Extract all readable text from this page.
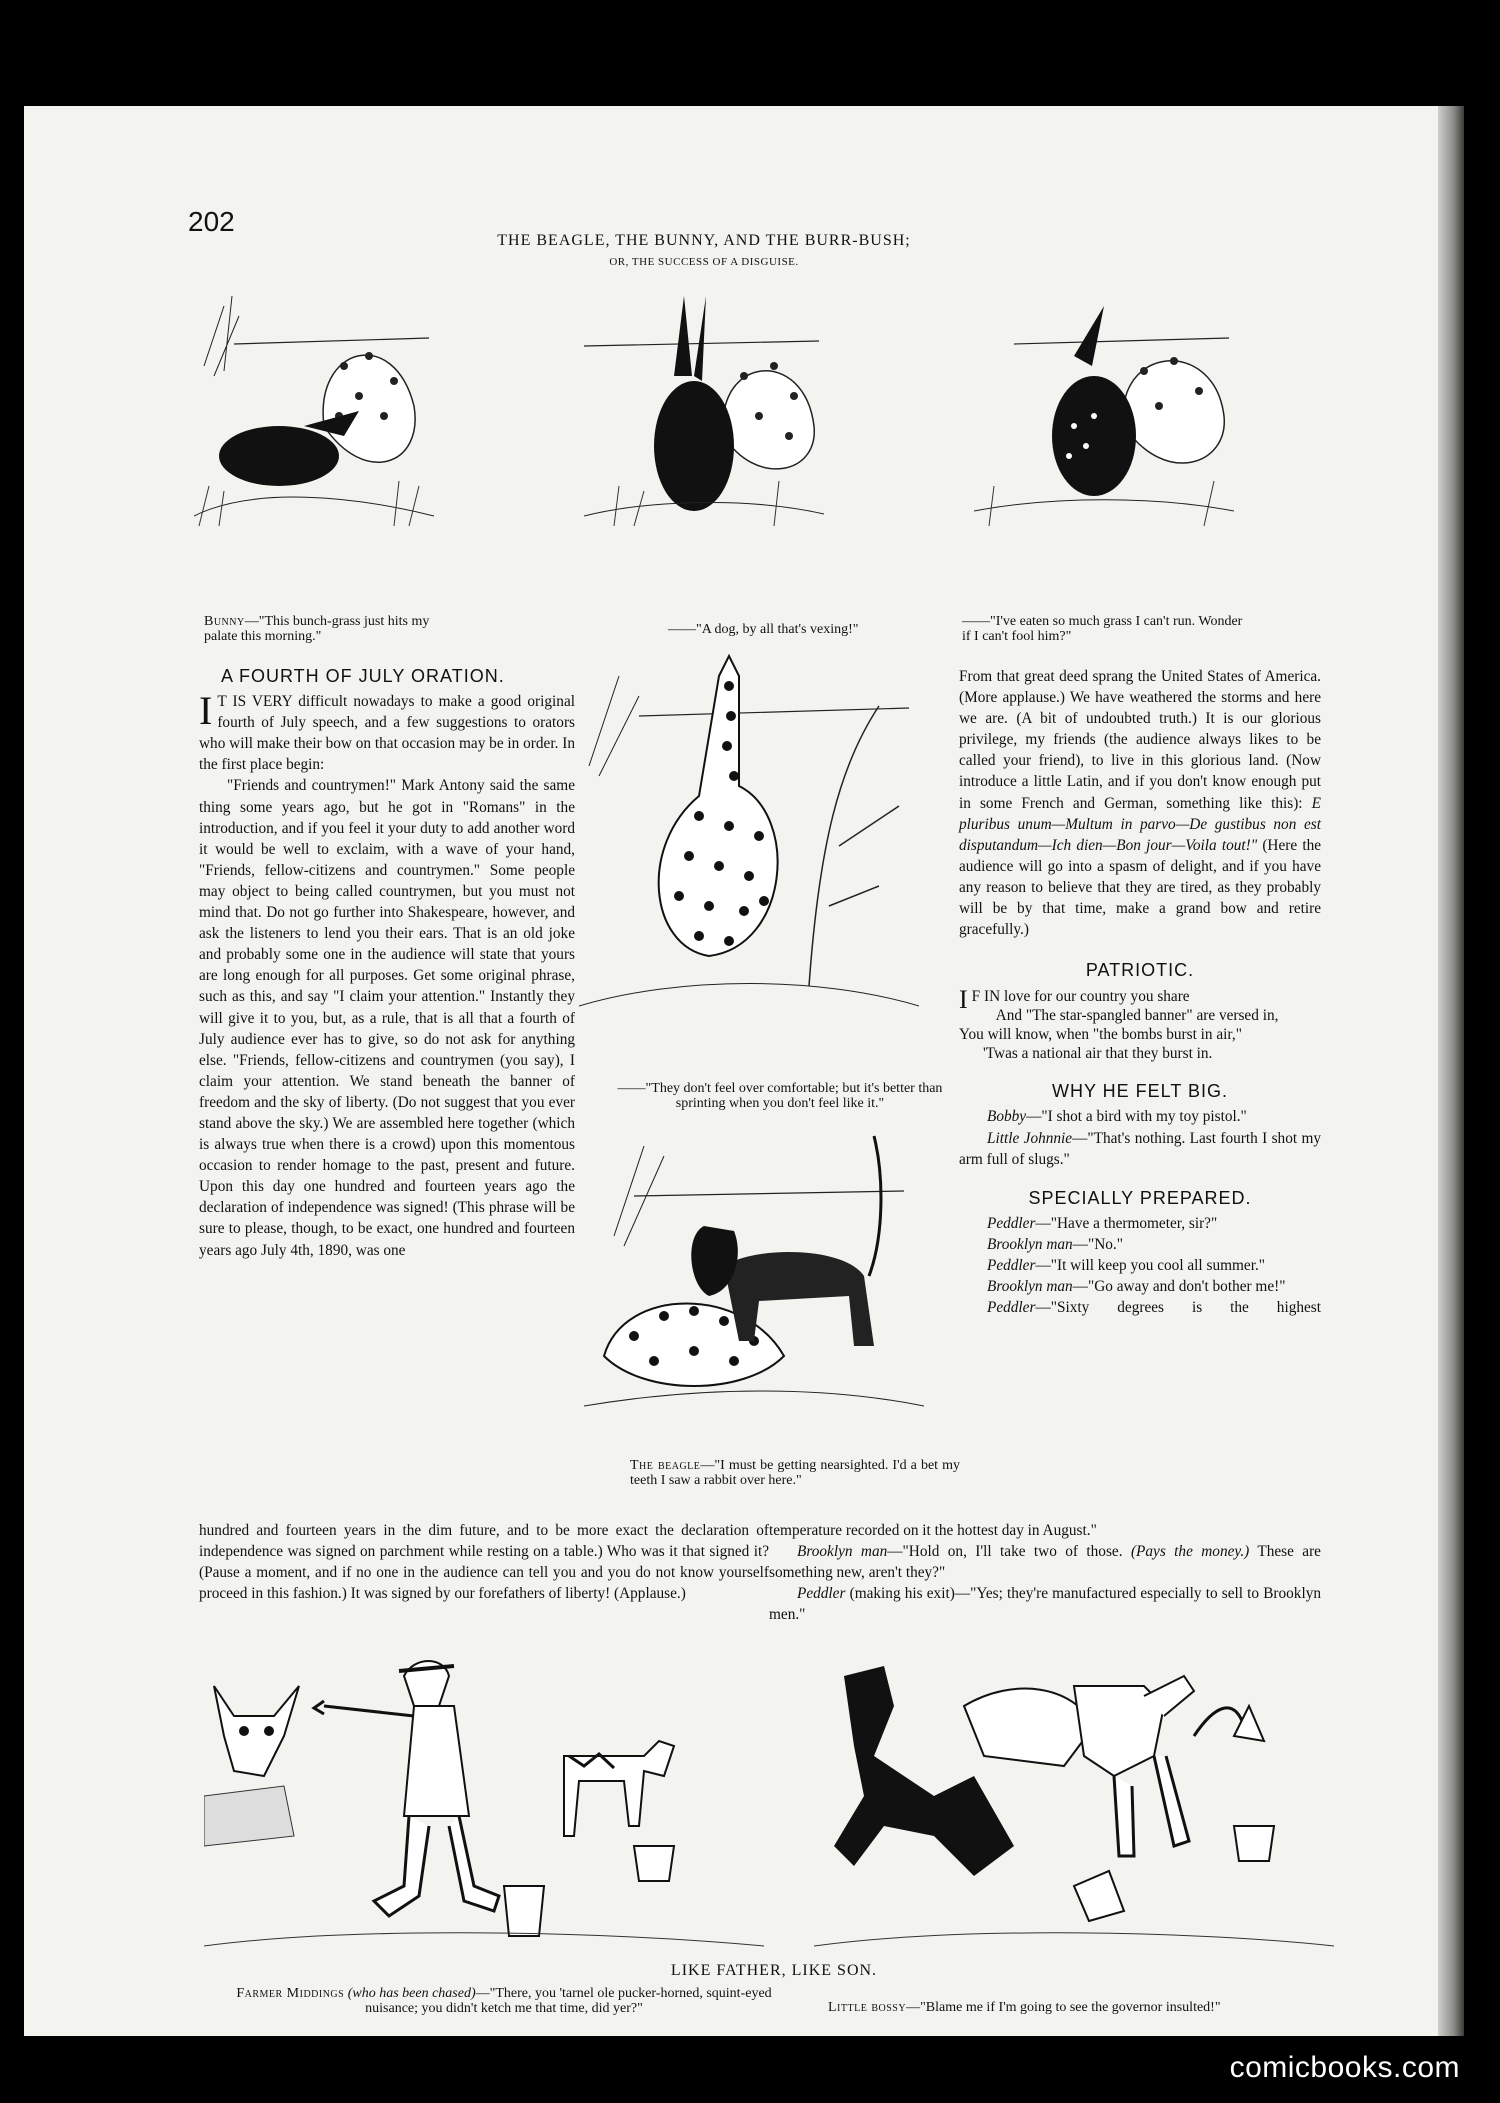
202
THE BEAGLE, THE BUNNY, AND THE BURR-BUSH;
OR, THE SUCCESS OF A DISGUISE.
Bunny—"This bunch-grass just hits my palate this morning."	——"A dog, by all that's vexing!"
——"I've eaten so much grass I can't run. Wonder if I can't fool him?"
——"They don't feel over comfortable; but it's better than sprinting when you don't feel like it."
The beagle—"I must be getting nearsighted. I'd a bet my teeth I saw a rabbit over here."

A FOURTH OF JULY ORATION.

I T IS VERY difficult nowadays to make a good original fourth of July speech, and a few suggestions to orators who will make their bow on that occasion may be in order. In the first place begin:

"Friends and countrymen!" Mark Antony said the same thing some years ago, but he got in "Romans" in the introduction, and if you feel it your duty to add another word it would be well to exclaim, with a wave of your hand, "Friends, fellow-citizens and countrymen." Some people may object to being called countrymen, but you must not mind that. Do not go further into Shakespeare, however, and ask the listeners to lend you their ears. That is an old joke and probably some one in the audience will state that yours are long enough for all purposes. Get some original phrase, such as this, and say "I claim your attention." Instantly they will give it to you, but, as a rule, that is all that a fourth of July audience ever has to give, so do not ask for anything else. "Friends, fellow-citizens and countrymen (you say), I claim your attention. We stand beneath the banner of freedom and the sky of liberty. (Do not suggest that you ever stand above the sky.) We are assembled here together (which is always true when there is a crowd) upon this momentous occasion to render homage to the past, present and future. Upon this day one hundred and fourteen years ago the declaration of independence was signed! (This phrase will be sure to please, though, to be exact, one hundred and fourteen years ago July 4th, 1890, was one

From that great deed sprang the United States of America. (More applause.) We have weathered the storms and here we are. (A bit of undoubted truth.) It is our glorious privilege, my friends (the audience always likes to be called your friend), to live in this glorious land. (Now introduce a little Latin, and if you don't know enough put in some French and German, something like this): E pluribus unum—Multum in parvo—De gustibus non est disputandum—Ich dien—Bon jour—Voila tout!" (Here the audience will go into a spasm of delight, and if you have any reason to believe that they are tired, as they probably will be by that time, make a grand bow and retire gracefully.)

PATRIOTIC.

I F IN love for our country you share
And "The star-spangled banner" are versed in,
You will know, when "the bombs burst in air,"
'Twas a national air that they burst in.

WHY HE FELT BIG.

Bobby—"I shot a bird with my toy pistol."

Little Johnnie—"That's nothing. Last fourth I shot my arm full of slugs."

SPECIALLY PREPARED.

Peddler—"Have a thermometer, sir?"

Brooklyn man—"No."

Peddler—"It will keep you cool all summer."

Brooklyn man—"Go away and don't bother me!"

Peddler—"Sixty degrees is the highest

hundred and fourteen years in the dim future, and to be more exact the declaration of independence was signed on parchment while resting on a table.) Who was it that signed it? (Pause a moment, and if no one in the audience can tell you and you do not know yourself proceed in this fashion.) It was signed by our forefathers of liberty! (Applause.)

temperature recorded on it the hottest day in August."

Brooklyn man—"Hold on, I'll take two of those. (Pays the money.) These are something new, aren't they?"

Peddler (making his exit)—"Yes; they're manufactured especially to sell to Brooklyn men."

LIKE FATHER, LIKE SON.
Farmer Middings (who has been chased)—"There, you 'tarnel ole pucker-horned, squint-eyed nuisance; you didn't ketch me that time, did yer?"	Little bossy—"Blame me if I'm going to see the governor insulted!"
comicbooks.com
